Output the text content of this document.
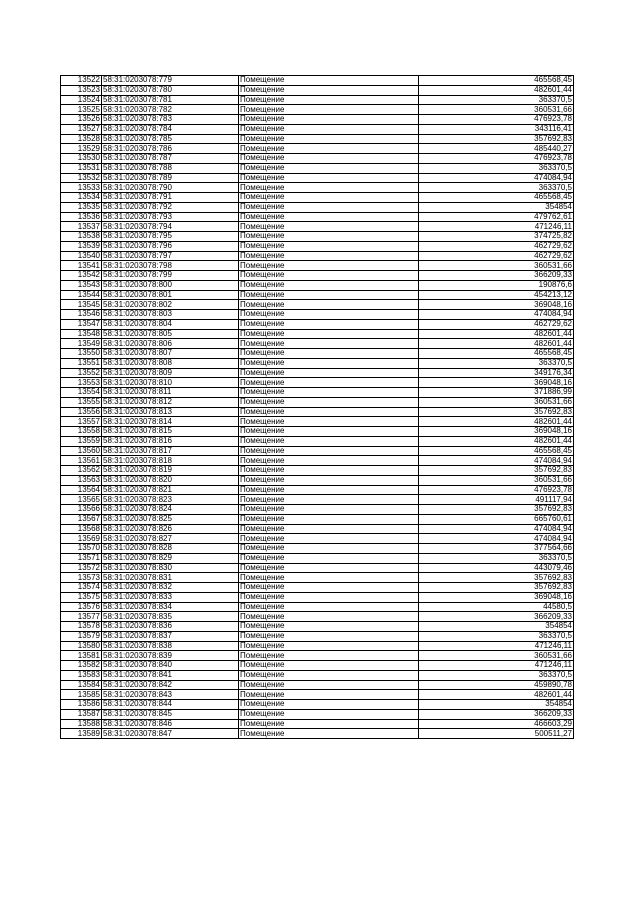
13522	58:31:0203078:779	Помещение	465568,45
13523	58:31:0203078:780	Помещение	482601,44
13524	58:31:0203078:781	Помещение	363370,5
13525	58:31:0203078:782	Помещение	360531,66
13526	58:31:0203078:783	Помещение	476923,78
13527	58:31:0203078:784	Помещение	343116,41
13528	58:31:0203078:785	Помещение	357692,83
13529	58:31:0203078:786	Помещение	485440,27
13530	58:31:0203078:787	Помещение	476923,78
13531	58:31:0203078:788	Помещение	363370,5
13532	58:31:0203078:789	Помещение	474084,94
13533	58:31:0203078:790	Помещение	363370,5
13534	58:31:0203078:791	Помещение	465568,45
13535	58:31:0203078:792	Помещение	354854
13536	58:31:0203078:793	Помещение	479762,61
13537	58:31:0203078:794	Помещение	471246,11
13538	58:31:0203078:795	Помещение	374725,82
13539	58:31:0203078:796	Помещение	462729,62
13540	58:31:0203078:797	Помещение	462729,62
13541	58:31:0203078:798	Помещение	360531,66
13542	58:31:0203078:799	Помещение	366209,33
13543	58:31:0203078:800	Помещение	190876,6
13544	58:31:0203078:801	Помещение	454213,12
13545	58:31:0203078:802	Помещение	369048,16
13546	58:31:0203078:803	Помещение	474084,94
13547	58:31:0203078:804	Помещение	462729,62
13548	58:31:0203078:805	Помещение	482601,44
13549	58:31:0203078:806	Помещение	482601,44
13550	58:31:0203078:807	Помещение	465568,45
13551	58:31:0203078:808	Помещение	363370,5
13552	58:31:0203078:809	Помещение	349176,34
13553	58:31:0203078:810	Помещение	369048,16
13554	58:31:0203078:811	Помещение	371886,99
13555	58:31:0203078:812	Помещение	360531,66
13556	58:31:0203078:813	Помещение	357692,83
13557	58:31:0203078:814	Помещение	482601,44
13558	58:31:0203078:815	Помещение	369048,16
13559	58:31:0203078:816	Помещение	482601,44
13560	58:31:0203078:817	Помещение	465568,45
13561	58:31:0203078:818	Помещение	474084,94
13562	58:31:0203078:819	Помещение	357692,83
13563	58:31:0203078:820	Помещение	360531,66
13564	58:31:0203078:821	Помещение	476923,78
13565	58:31:0203078:823	Помещение	491117,94
13566	58:31:0203078:824	Помещение	357692,83
13567	58:31:0203078:825	Помещение	665760,61
13568	58:31:0203078:826	Помещение	474084,94
13569	58:31:0203078:827	Помещение	474084,94
13570	58:31:0203078:828	Помещение	377564,66
13571	58:31:0203078:829	Помещение	363370,5
13572	58:31:0203078:830	Помещение	443079,46
13573	58:31:0203078:831	Помещение	357692,83
13574	58:31:0203078:832	Помещение	357692,83
13575	58:31:0203078:833	Помещение	369048,16
13576	58:31:0203078:834	Помещение	44580,5
13577	58:31:0203078:835	Помещение	366209,33
13578	58:31:0203078:836	Помещение	354854
13579	58:31:0203078:837	Помещение	363370,5
13580	58:31:0203078:838	Помещение	471246,11
13581	58:31:0203078:839	Помещение	360531,66
13582	58:31:0203078:840	Помещение	471246,11
13583	58:31:0203078:841	Помещение	363370,5
13584	58:31:0203078:842	Помещение	459890,78
13585	58:31:0203078:843	Помещение	482601,44
13586	58:31:0203078:844	Помещение	354854
13587	58:31:0203078:845	Помещение	366209,33
13588	58:31:0203078:846	Помещение	466603,29
13589	58:31:0203078:847	Помещение	500511,27
